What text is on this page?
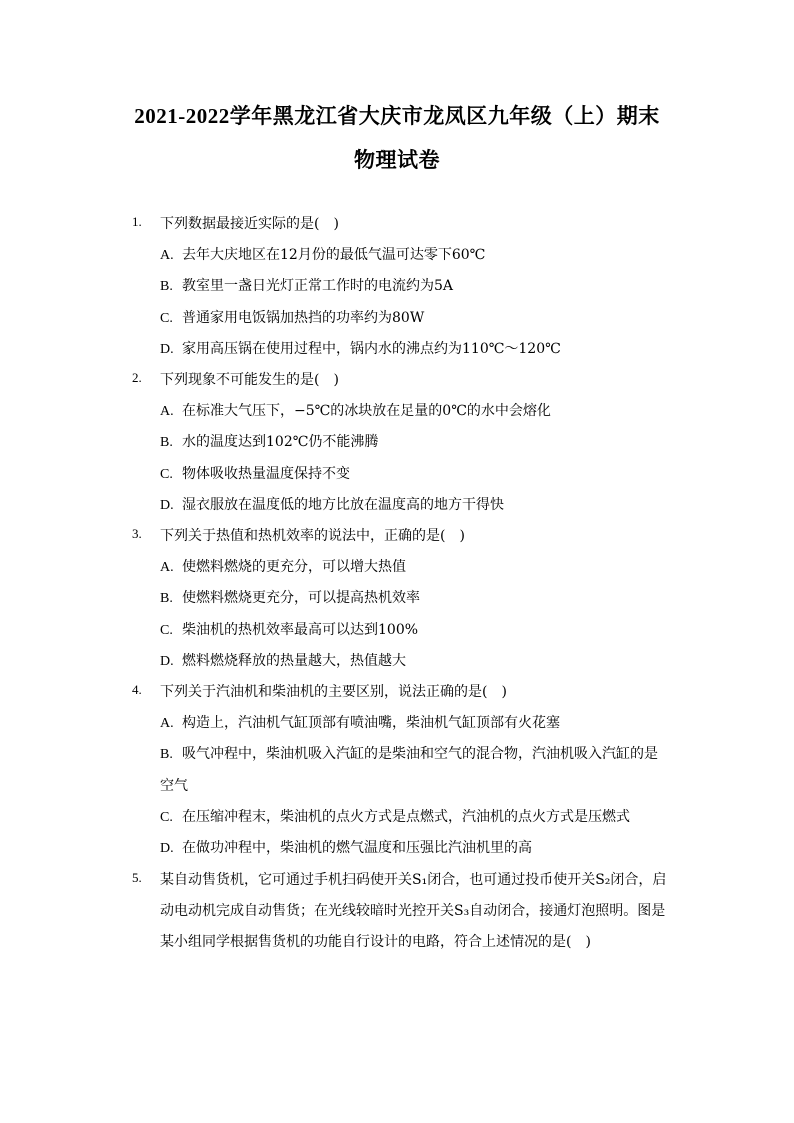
2021-2022学年黑龙江省大庆市龙凤区九年级（上）期末
物理试卷
1. 下列数据最接近实际的是(　)
A. 去年大庆地区在12月份的最低气温可达零下60℃
B. 教室里一盏日光灯正常工作时的电流约为5A
C. 普通家用电饭锅加热挡的功率约为80W
D. 家用高压锅在使用过程中，锅内水的沸点约为110℃～120℃
2. 下列现象不可能发生的是(　)
A. 在标准大气压下，−5℃的冰块放在足量的0℃的水中会熔化
B. 水的温度达到102℃仍不能沸腾
C. 物体吸收热量温度保持不变
D. 湿衣服放在温度低的地方比放在温度高的地方干得快
3. 下列关于热值和热机效率的说法中，正确的是(　)
A. 使燃料燃烧的更充分，可以增大热值
B. 使燃料燃烧更充分，可以提高热机效率
C. 柴油机的热机效率最高可以达到100%
D. 燃料燃烧释放的热量越大，热值越大
4. 下列关于汽油机和柴油机的主要区别，说法正确的是(　)
A. 构造上，汽油机气缸顶部有喷油嘴，柴油机气缸顶部有火花塞
B. 吸气冲程中，柴油机吸入汽缸的是柴油和空气的混合物，汽油机吸入汽缸的是
空气
C. 在压缩冲程末，柴油机的点火方式是点燃式，汽油机的点火方式是压燃式
D. 在做功冲程中，柴油机的燃气温度和压强比汽油机里的高
5. 某自动售货机，它可通过手机扫码使开关S₁闭合，也可通过投币使开关S₂闭合，启
动电动机完成自动售货；在光线较暗时光控开关S₃自动闭合，接通灯泡照明。图是
某小组同学根据售货机的功能自行设计的电路，符合上述情况的是(　)
